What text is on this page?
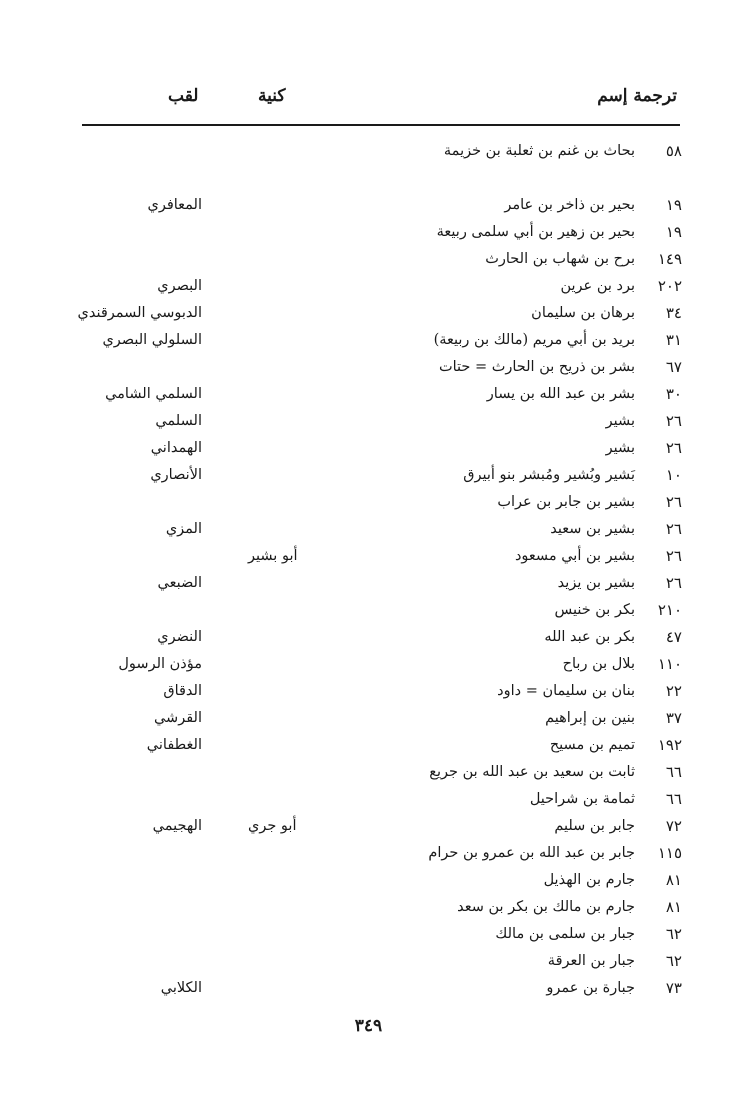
ترجمة إسم
كنية
لقب
٥٨
بحاث بن غنم بن ثعلبة بن خزيمة
١٩
بحير بن ذاخر بن عامر
المعافري
١٩
بحير بن زهير بن أبي سلمى ربيعة
١٤٩
برح بن شهاب بن الحارث
٢٠٢
برد بن عرين
البصري
٣٤
برهان بن سليمان
الدبوسي السمرقندي
٣١
بريد بن أبي مريم (مالك بن ربيعة)
السلولي البصري
٦٧
بشر بن ذريح بن الحارث = حتات
٣٠
بشر بن عبد الله بن يسار
السلمي الشامي
٢٦
بشير
السلمي
٢٦
بشير
الهمداني
١٠
بَشير وبُشير ومُبشر بنو أبيرق
الأنصاري
٢٦
بشير بن جابر بن عراب
٢٦
بشير بن سعيد
المزي
٢٦
بشير بن أبي مسعود
أبو بشير
٢٦
بشير بن يزيد
الضبعي
٢١٠
بكر بن خنيس
٤٧
بكر بن عبد الله
النضري
١١٠
بلال بن رباح
مؤذن الرسول
٢٢
بنان بن سليمان = داود
الدقاق
٣٧
بنين بن إبراهيم
القرشي
١٩٢
تميم بن مسيح
الغطفاني
٦٦
ثابت بن سعيد بن عبد الله بن جريع
٦٦
ثمامة بن شراحيل
٧٢
جابر بن سليم
أبو جري
الهجيمي
١١٥
جابر بن عبد الله بن عمرو بن حرام
٨١
جارم بن الهذيل
٨١
جارم بن مالك بن بكر بن سعد
٦٢
جبار بن سلمى بن مالك
٦٢
جبار بن العرقة
٧٣
جبارة بن عمرو
الكلابي
٣٤٩
